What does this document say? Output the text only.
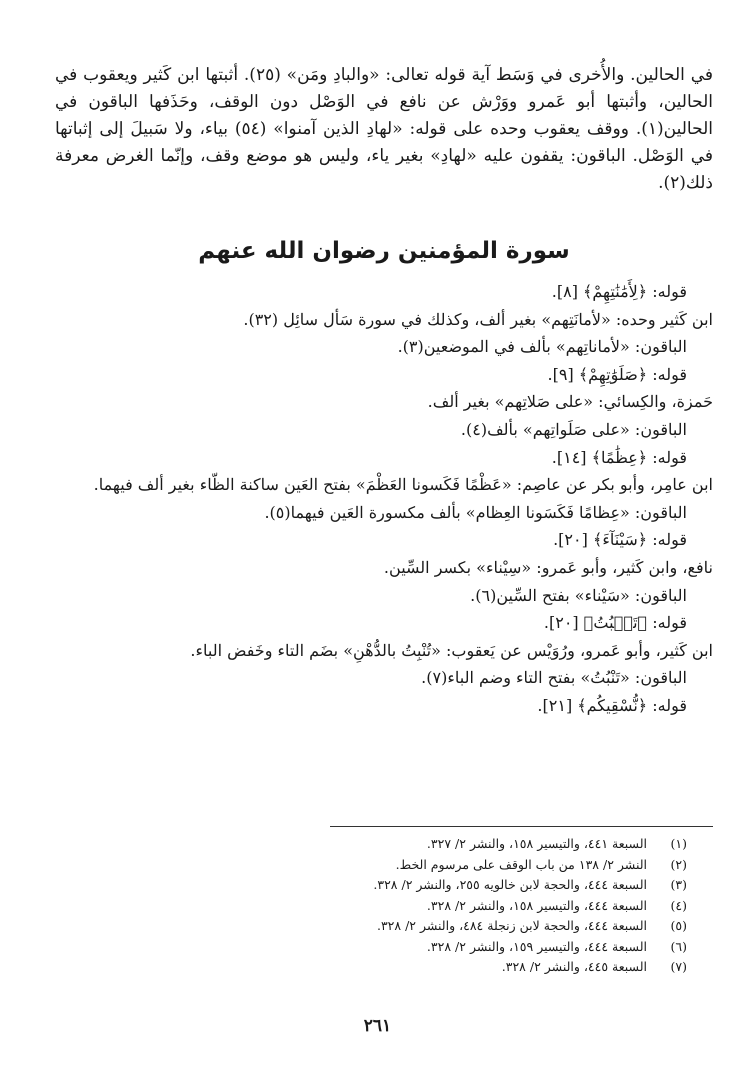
في الحالين. والأُخرى في وَسَط آية قوله تعالى: «والبادِ ومَن» (٢٥). أثبتها ابن كَثير ويعقوب في الحالين، وأثبتها أبو عَمرو ووَرْش عن نافع في الوَصْل دون الوقف، وحَذَفها الباقون في الحالين(١). ووقف يعقوب وحده على قوله: «لهادِ الذين آمنوا» (٥٤) بياء، ولا سَبيلَ إلى إثباتها في الوَصْل. الباقون: يقفون عليه «لهادِ» بغير ياء، وليس هو موضع وقف، وإنّما الغرض معرفة ذلك(٢).

سورة المؤمنين رضوان الله عنهم
قوله: ﴿لِأَمَٰنَٰتِهِمْ﴾ [٨].
ابن كَثير وحده: «لأمانَتِهم» بغير ألف، وكذلك في سورة سَأل سائِل (٣٢).
الباقون: «لأماناتِهم» بألف في الموضعين(٣).
قوله: ﴿صَلَوَٰتِهِمْ﴾ [٩].
حَمزة، والكِسائي: «على صَلاتِهم» بغير ألف.
الباقون: «على صَلَواتِهم» بألف(٤).
قوله: ﴿عِظَٰمًا﴾ [١٤].
ابن عامِر، وأبو بكر عن عاصِم: «عَظْمًا فَكَسونا العَظْمَ» بفتح العَين ساكنة الظّاء بغير ألف فيهما.
الباقون: «عِظامًا فَكَسَونا العِظام» بألف مكسورة العَين فيهما(٥).
قوله: ﴿سَيْنَآءَ﴾ [٢٠].
نافع، وابن كَثير، وأبو عَمرو: «سِيْناء» بكسر السِّين.
الباقون: «سَيْناء» بفتح السِّين(٦).
قوله: ﴿تَنۢبُتُ﴾ [٢٠].
ابن كَثير، وأبو عَمرو، ورُوَيْس عن يَعقوب: «تُنْبِتُ بالدُّهْنِ» بضَم التاء وخَفض الباء.
الباقون: «تَنْبُتُ» بفتح التاء وضم الباء(٧).
قوله: ﴿نُّسْقِيكُم﴾ [٢١].
(١)السبعة ٤٤١، والتيسير ١٥٨، والنشر ٢/ ٣٢٧.
(٢)النشر ٢/ ١٣٨ من باب الوقف على مرسوم الخط.
(٣)السبعة ٤٤٤، والحجة لابن خالويه ٢٥٥، والنشر ٢/ ٣٢٨.
(٤)السبعة ٤٤٤، والتيسير ١٥٨، والنشر ٢/ ٣٢٨.
(٥)السبعة ٤٤٤، والحجة لابن زنجلة ٤٨٤، والنشر ٢/ ٣٢٨.
(٦)السبعة ٤٤٤، والتيسير ١٥٩، والنشر ٢/ ٣٢٨.
(٧)السبعة ٤٤٥، والنشر ٢/ ٣٢٨.
٢٦١
